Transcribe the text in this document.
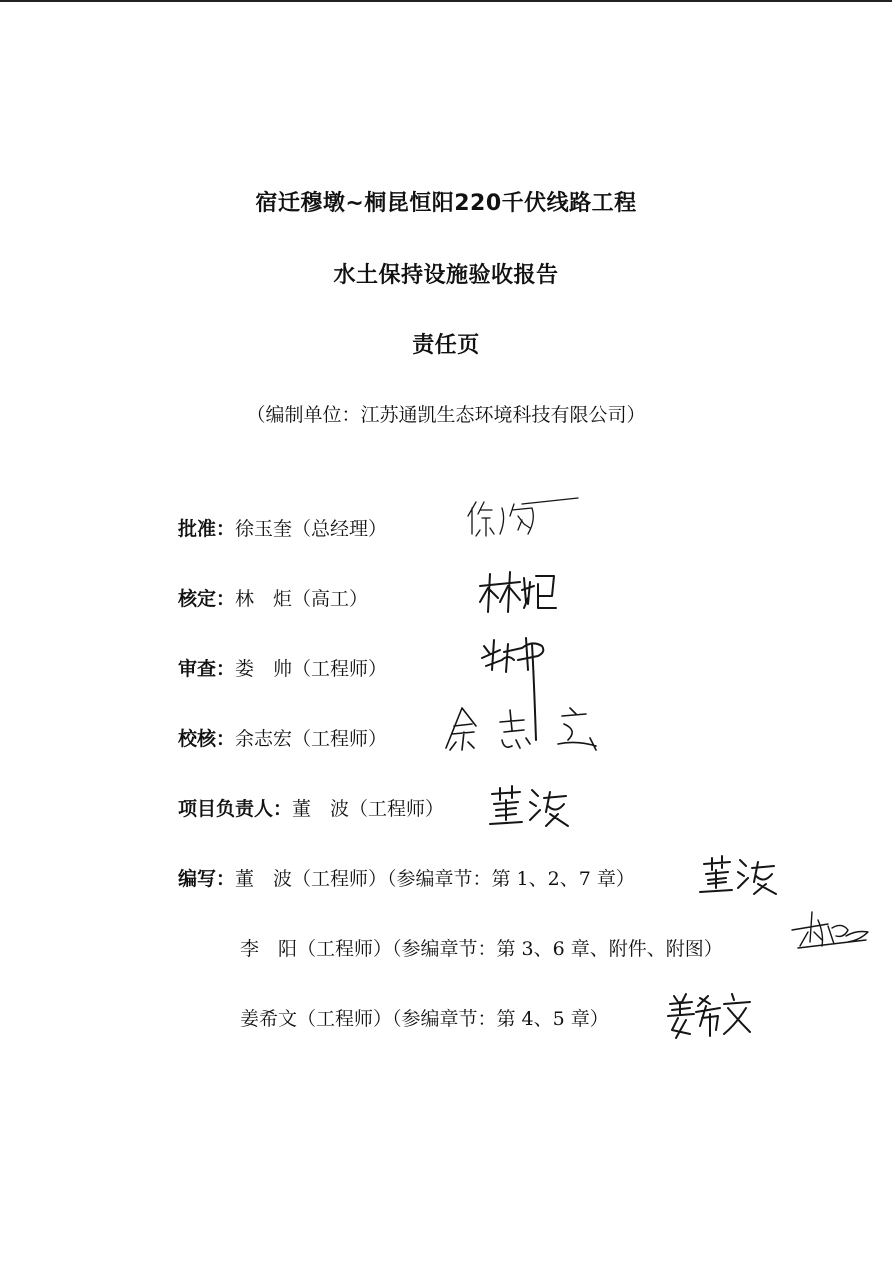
宿迁穆墩~桐昆恒阳220千伏线路工程
水土保持设施验收报告
责任页
（编制单位：江苏通凯生态环境科技有限公司）
批准：徐玉奎（总经理）
核定：林　炬（高工）
审查：娄　帅（工程师）
校核：余志宏（工程师）
项目负责人：董　波（工程师）
编写：董　波（工程师）（参编章节：第 1、2、7 章）
李　阳（工程师）（参编章节：第 3、6 章、附件、附图）
姜希文（工程师）（参编章节：第 4、5 章）
